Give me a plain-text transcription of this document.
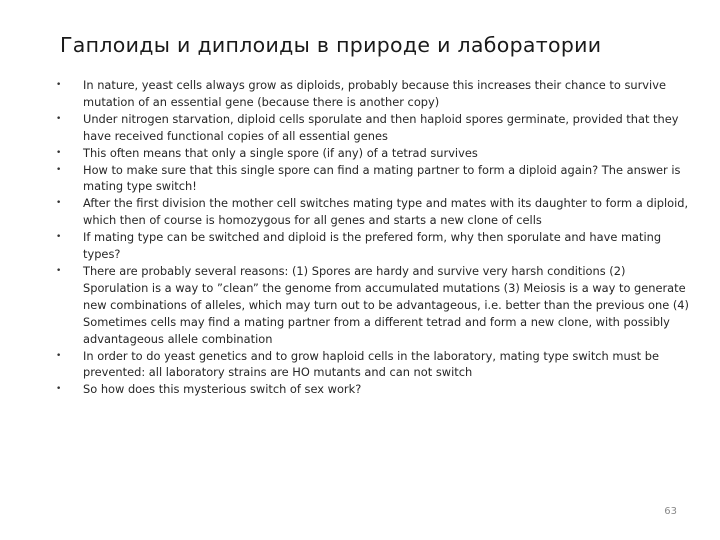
Гаплоиды и диплоиды в природе и лаборатории
• In nature, yeast cells always grow as diploids, probably because this increases their chance to survive mutation of an essential gene (because there is another copy)
• Under nitrogen starvation, diploid cells sporulate and then haploid spores germinate, provided that they have received functional copies of all essential genes
• This often means that only a single spore (if any) of a tetrad survives
• How to make sure that this single spore can find a mating partner to form a diploid again? The answer is mating type switch!
• After the first division the mother cell switches mating type and mates with its daughter to form a diploid, which then of course is homozygous for all genes and starts a new clone of cells
• If mating type can be switched and diploid is the prefered form, why then sporulate and have mating types?
• There are probably several reasons: (1) Spores are hardy and survive very harsh conditions (2) Sporulation is a way to ”clean” the genome from accumulated mutations (3) Meiosis is a way to generate new combinations of alleles, which may turn out to be advantageous, i.e. better than the previous one (4) Sometimes cells may find a mating partner from a different tetrad and form a new clone, with possibly advantageous allele combination
• In order to do yeast genetics and to grow haploid cells in the laboratory, mating type switch must be prevented: all laboratory strains are HO mutants and can not switch
• So how does this mysterious switch of sex work?
63
